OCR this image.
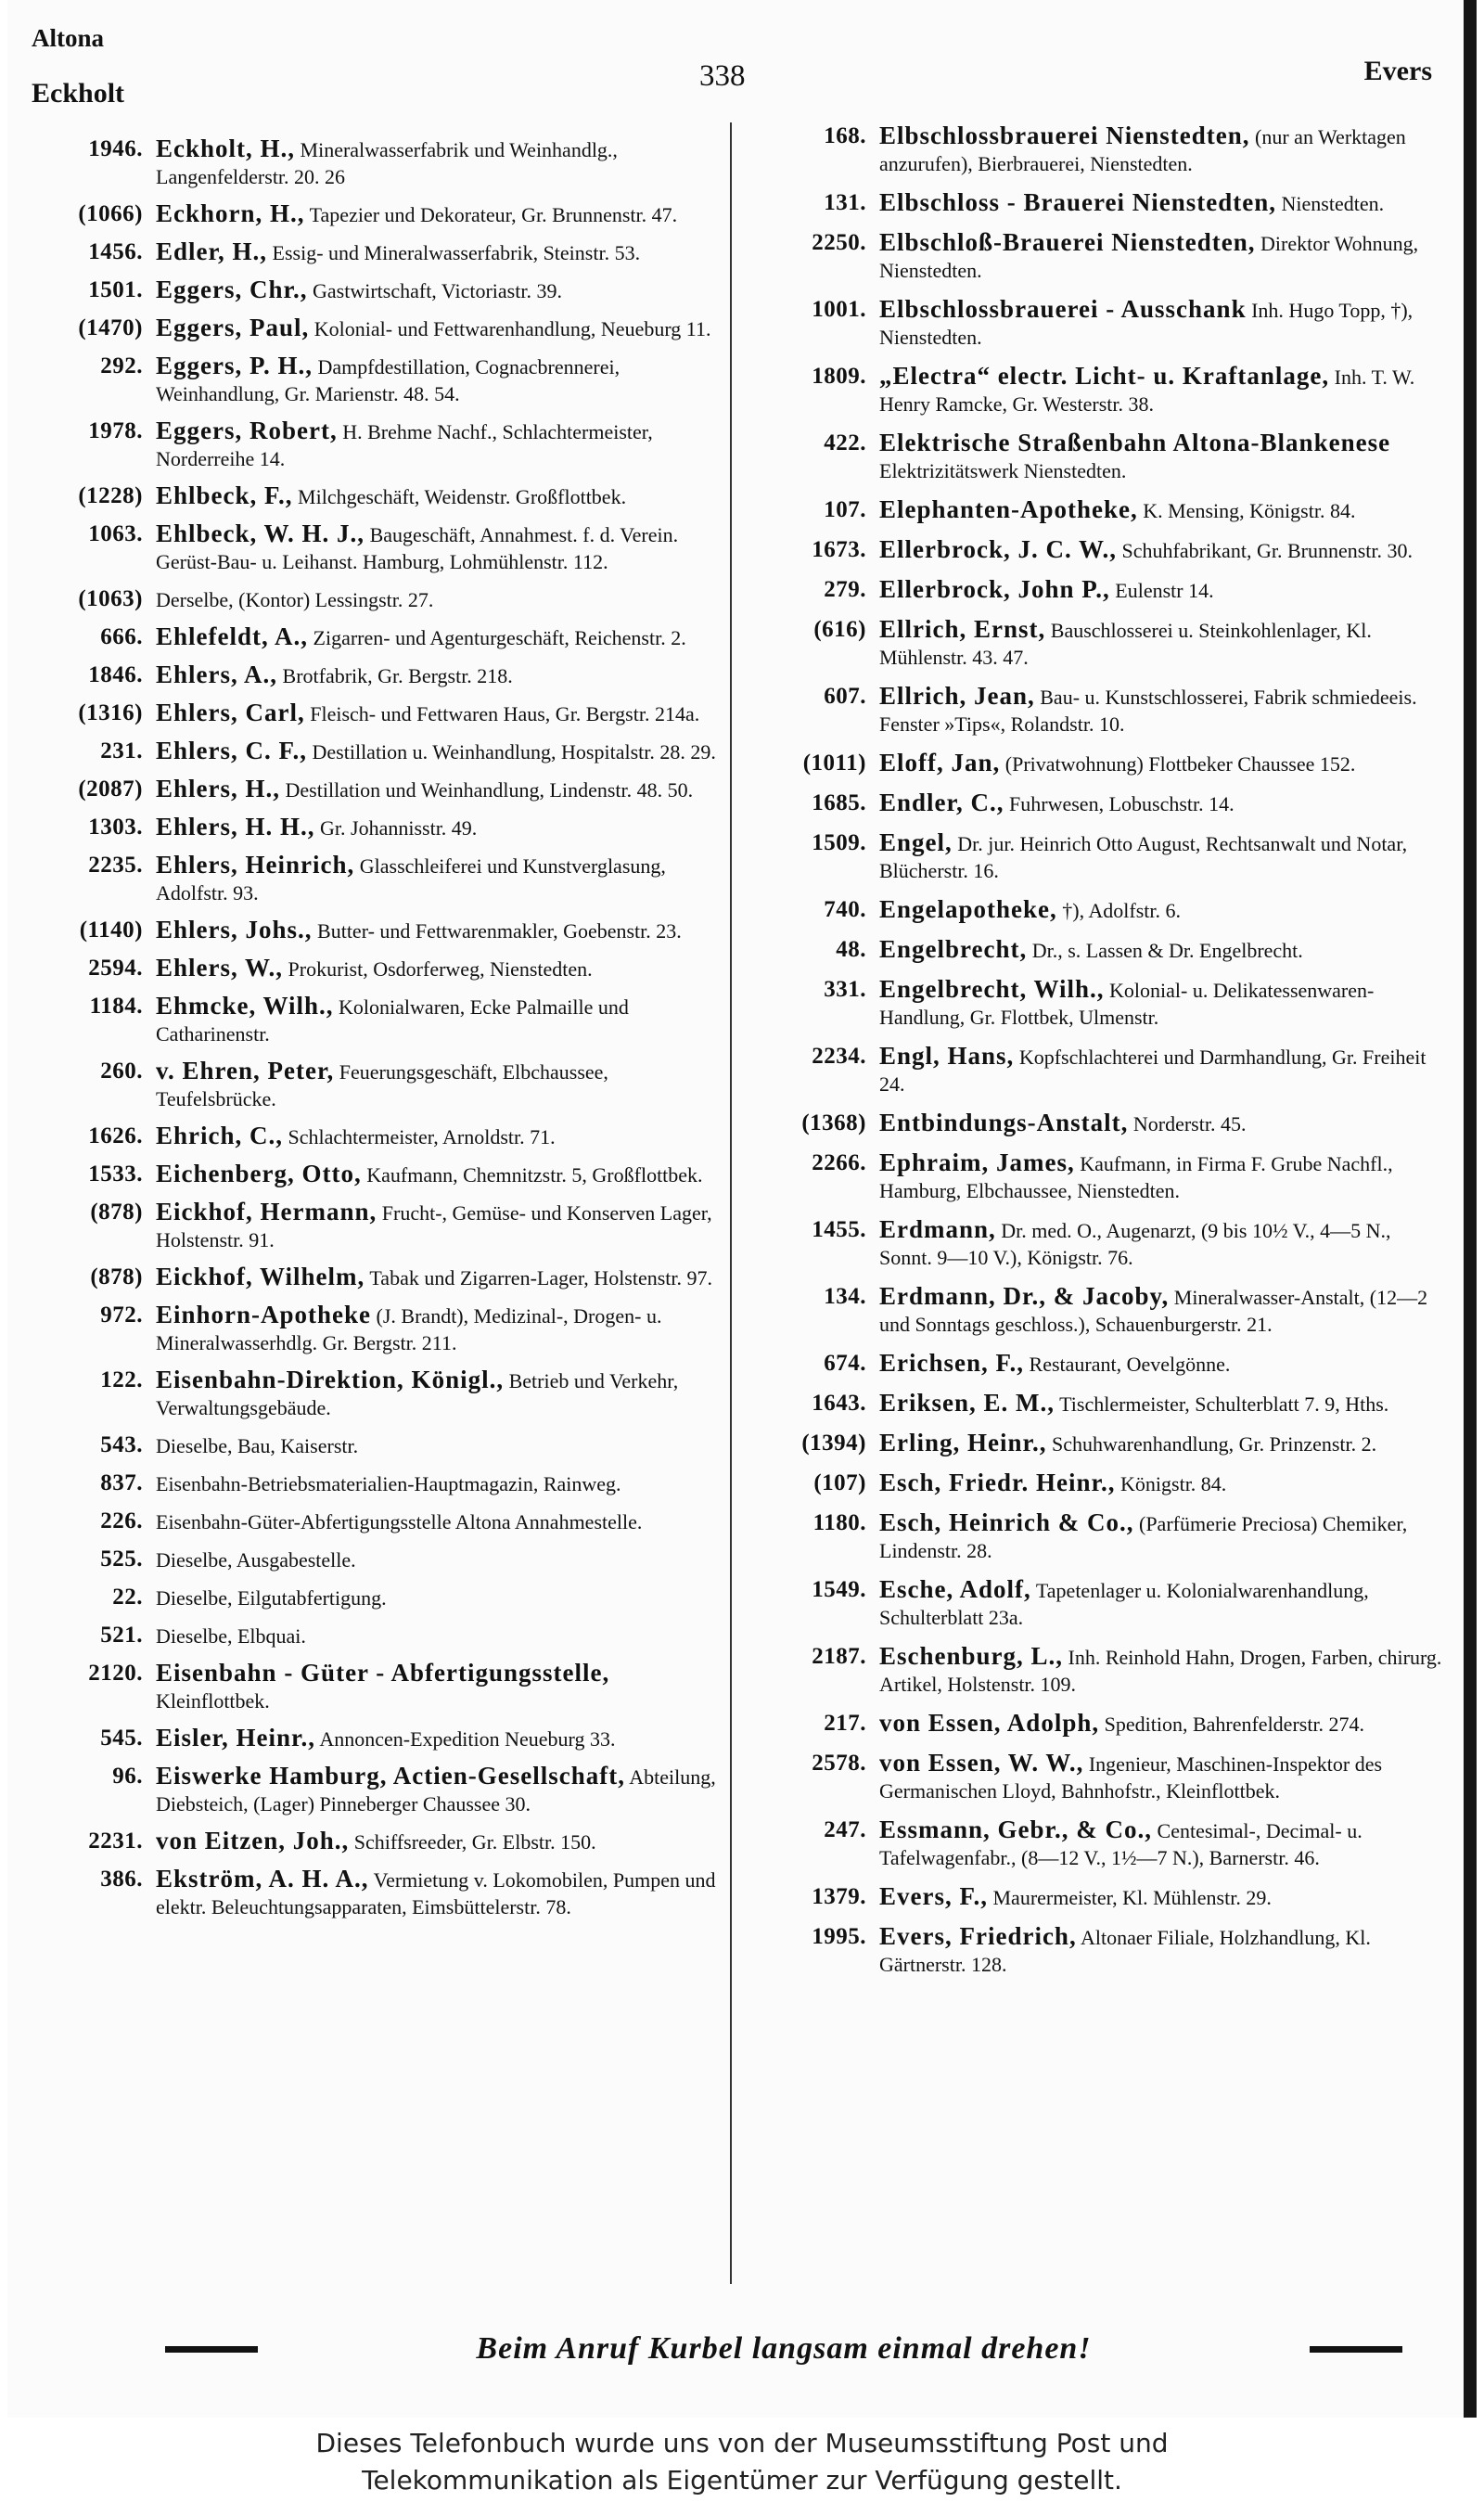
Altona
Eckholt
338	Evers
1946. Eckholt, H., Mineralwasserfabrik und Weinhandlg., Langenfelderstr. 20. 26
(1066) Eckhorn, H., Tapezier und Dekorateur, Gr. Brunnenstr. 47.
1456. Edler, H., Essig- und Mineralwasserfabrik, Steinstr. 53.
1501. Eggers, Chr., Gastwirtschaft, Victoriastr. 39.
(1470) Eggers, Paul, Kolonial- und Fettwarenhandlung, Neueburg 11.
292. Eggers, P. H., Dampfdestillation, Cognacbrennerei, Weinhandlung, Gr. Marienstr. 48. 54.
1978. Eggers, Robert, H. Brehme Nachf., Schlachtermeister, Norderreihe 14.
(1228) Ehlbeck, F., Milchgeschäft, Weidenstr. Großflottbek.
1063. Ehlbeck, W. H. J., Baugeschäft, Annahmest. f. d. Verein. Gerüst-Bau- u. Leihanst. Hamburg, Lohmühlenstr. 112.
(1063) Derselbe, (Kontor) Lessingstr. 27.
666. Ehlefeldt, A., Zigarren- und Agenturgeschäft, Reichenstr. 2.
1846. Ehlers, A., Brotfabrik, Gr. Bergstr. 218.
(1316) Ehlers, Carl, Fleisch- und Fettwaren Haus, Gr. Bergstr. 214a.
231. Ehlers, C. F., Destillation u. Weinhandlung, Hospitalstr. 28. 29.
(2087) Ehlers, H., Destillation und Weinhandlung, Lindenstr. 48. 50.
1303. Ehlers, H. H., Gr. Johannisstr. 49.
2235. Ehlers, Heinrich, Glasschleiferei und Kunstverglasung, Adolfstr. 93.
(1140) Ehlers, Johs., Butter- und Fettwarenmakler, Goebenstr. 23.
2594. Ehlers, W., Prokurist, Osdorferweg, Nienstedten.
1184. Ehmcke, Wilh., Kolonialwaren, Ecke Palmaille und Catharinenstr.
260. v. Ehren, Peter, Feuerungsgeschäft, Elbchaussee, Teufelsbrücke.
1626. Ehrich, C., Schlachtermeister, Arnoldstr. 71.
1533. Eichenberg, Otto, Kaufmann, Chemnitzstr. 5, Großflottbek.
(878) Eickhof, Hermann, Frucht-, Gemüse- und Konserven Lager, Holstenstr. 91.
(878) Eickhof, Wilhelm, Tabak und Zigarren-Lager, Holstenstr. 97.
972. Einhorn-Apotheke (J. Brandt), Medizinal-, Drogen- u. Mineralwasserhdlg. Gr. Bergstr. 211.
122. Eisenbahn-Direktion, Königl., Betrieb und Verkehr, Verwaltungsgebäude.
543. Dieselbe, Bau, Kaiserstr.
837. Eisenbahn-Betriebsmaterialien-Hauptmagazin, Rainweg.
226. Eisenbahn-Güter-Abfertigungsstelle Altona Annahmestelle.
525. Dieselbe, Ausgabestelle.
22. Dieselbe, Eilgutabfertigung.
521. Dieselbe, Elbquai.
2120. Eisenbahn - Güter - Abfertigungsstelle, Kleinflottbek.
545. Eisler, Heinr., Annoncen-Expedition Neueburg 33.
96. Eiswerke Hamburg, Actien-Gesellschaft, Abteilung, Diebsteich, (Lager) Pinneberger Chaussee 30.
2231. von Eitzen, Joh., Schiffsreeder, Gr. Elbstr. 150.
386. Ekström, A. H. A., Vermietung v. Lokomobilen, Pumpen und elektr. Beleuchtungsapparaten, Eimsbüttelerstr. 78.
168. Elbschlossbrauerei Nienstedten, (nur an Werktagen anzurufen), Bierbrauerei, Nienstedten.
131. Elbschloss - Brauerei Nienstedten, Nienstedten.
2250. Elbschloß-Brauerei Nienstedten, Direktor Wohnung, Nienstedten.
1001. Elbschlossbrauerei - Ausschank Inh. Hugo Topp, †), Nienstedten.
1809. „Electra“ electr. Licht- u. Kraftanlage, Inh. T. W. Henry Ramcke, Gr. Westerstr. 38.
422. Elektrische Straßenbahn Altona-Blankenese Elektrizitätswerk Nienstedten.
107. Elephanten-Apotheke, K. Mensing, Königstr. 84.
1673. Ellerbrock, J. C. W., Schuhfabrikant, Gr. Brunnenstr. 30.
279. Ellerbrock, John P., Eulenstr 14.
(616) Ellrich, Ernst, Bauschlosserei u. Steinkohlenlager, Kl. Mühlenstr. 43. 47.
607. Ellrich, Jean, Bau- u. Kunstschlosserei, Fabrik schmiedeeis. Fenster »Tips«, Rolandstr. 10.
(1011) Eloff, Jan, (Privatwohnung) Flottbeker Chaussee 152.
1685. Endler, C., Fuhrwesen, Lobuschstr. 14.
1509. Engel, Dr. jur. Heinrich Otto August, Rechtsanwalt und Notar, Blücherstr. 16.
740. Engelapotheke, †), Adolfstr. 6.
48. Engelbrecht, Dr., s. Lassen & Dr. Engelbrecht.
331. Engelbrecht, Wilh., Kolonial- u. Delikatessenwaren-Handlung, Gr. Flottbek, Ulmenstr.
2234. Engl, Hans, Kopfschlachterei und Darmhandlung, Gr. Freiheit 24.
(1368) Entbindungs-Anstalt, Norderstr. 45.
2266. Ephraim, James, Kaufmann, in Firma F. Grube Nachfl., Hamburg, Elbchaussee, Nienstedten.
1455. Erdmann, Dr. med. O., Augenarzt, (9 bis 10½ V., 4—5 N., Sonnt. 9—10 V.), Königstr. 76.
134. Erdmann, Dr., & Jacoby, Mineralwasser-Anstalt, (12—2 und Sonntags geschloss.), Schauenburgerstr. 21.
674. Erichsen, F., Restaurant, Oevelgönne.
1643. Eriksen, E. M., Tischlermeister, Schulterblatt 7. 9, Hths.
(1394) Erling, Heinr., Schuhwarenhandlung, Gr. Prinzenstr. 2.
(107) Esch, Friedr. Heinr., Königstr. 84.
1180. Esch, Heinrich & Co., (Parfümerie Preciosa) Chemiker, Lindenstr. 28.
1549. Esche, Adolf, Tapetenlager u. Kolonialwarenhandlung, Schulterblatt 23a.
2187. Eschenburg, L., Inh. Reinhold Hahn, Drogen, Farben, chirurg. Artikel, Holstenstr. 109.
217. von Essen, Adolph, Spedition, Bahrenfelderstr. 274.
2578. von Essen, W. W., Ingenieur, Maschinen-Inspektor des Germanischen Lloyd, Bahnhofstr., Kleinflottbek.
247. Essmann, Gebr., & Co., Centesimal-, Decimal- u. Tafelwagenfabr., (8—12 V., 1½—7 N.), Barnerstr. 46.
1379. Evers, F., Maurermeister, Kl. Mühlenstr. 29.
1995. Evers, Friedrich, Altonaer Filiale, Holzhandlung, Kl. Gärtnerstr. 128.
Beim Anruf Kurbel langsam einmal drehen!
Dieses Telefonbuch wurde uns von der Museumsstiftung Post und
Telekommunikation als Eigentümer zur Verfügung gestellt.
